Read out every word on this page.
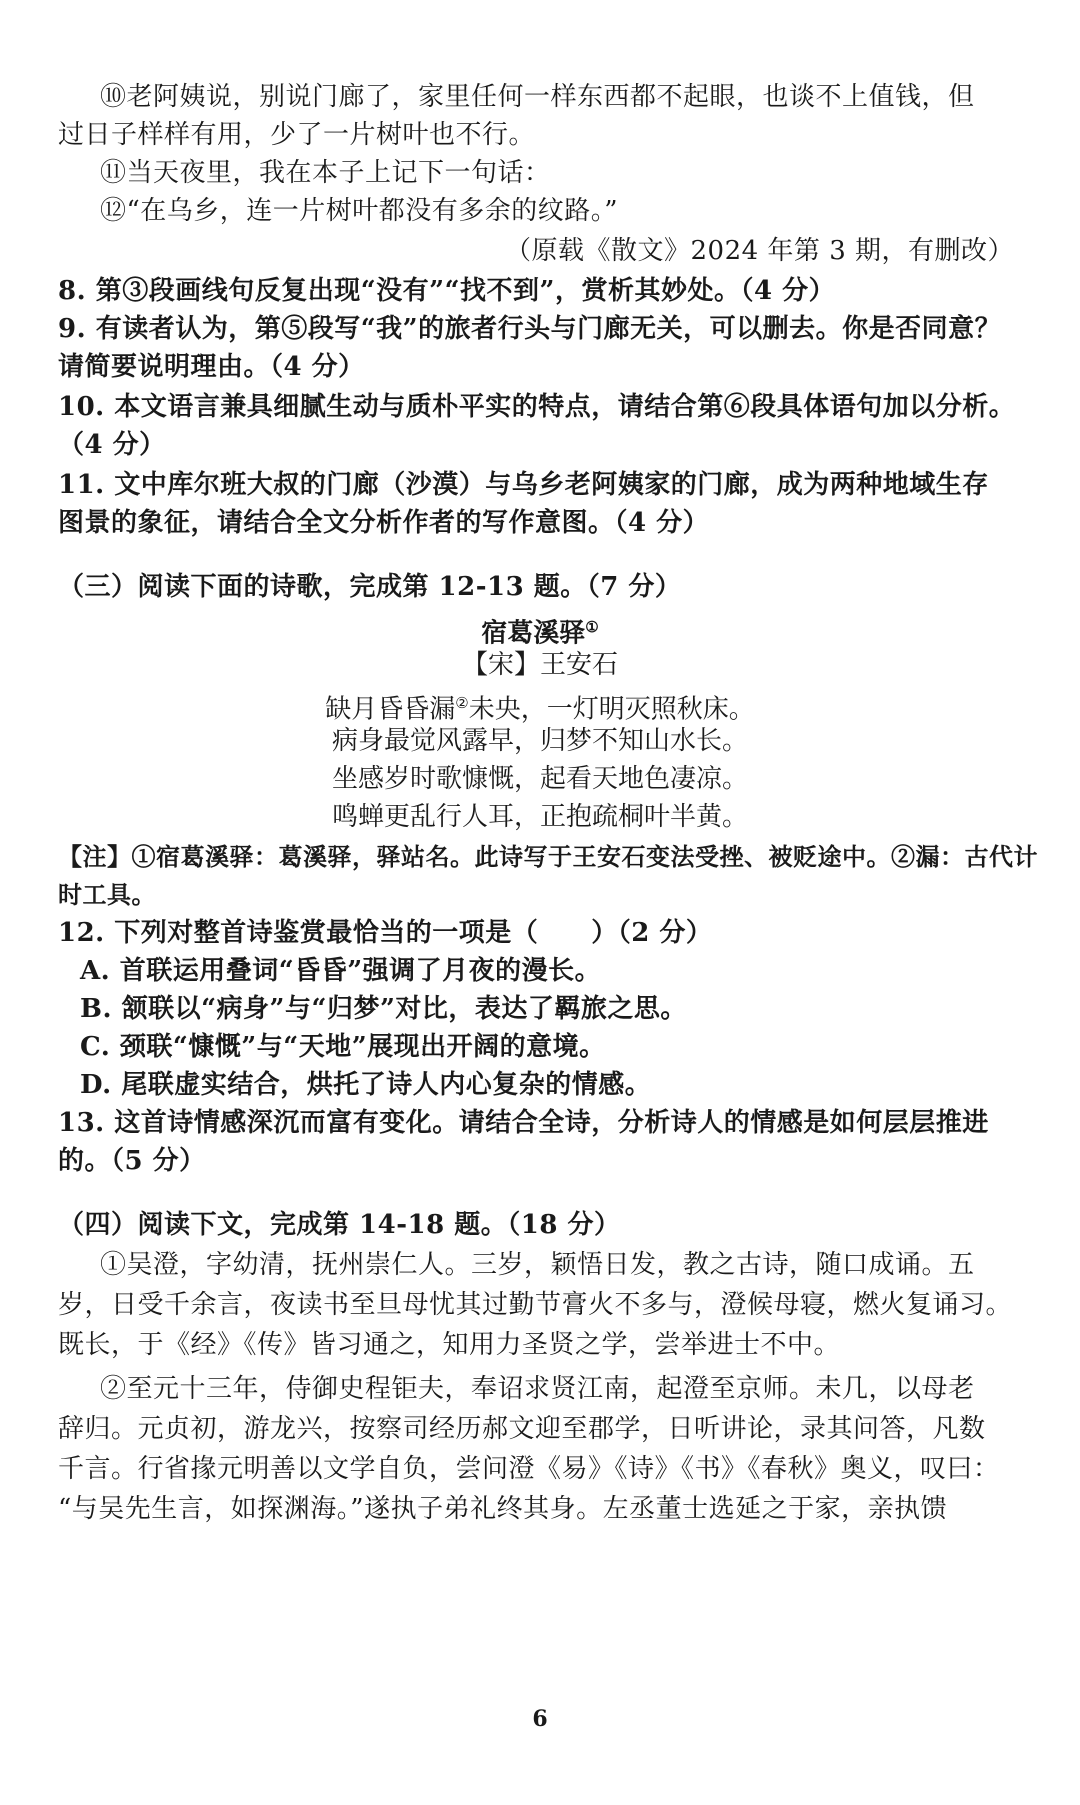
⑩老阿姨说，别说门廊了，家里任何一样东西都不起眼，也谈不上值钱，但
过日子样样有用，少了一片树叶也不行。
⑪当天夜里，我在本子上记下一句话：
⑫“在乌乡，连一片树叶都没有多余的纹路。”
（原载《散文》2024 年第 3 期，有删改）
8. 第③段画线句反复出现“没有”“找不到”，赏析其妙处。（4 分）
9. 有读者认为，第⑤段写“我”的旅者行头与门廊无关，可以删去。你是否同意？
请简要说明理由。（4 分）
10. 本文语言兼具细腻生动与质朴平实的特点，请结合第⑥段具体语句加以分析。
（4 分）
11. 文中库尔班大叔的门廊（沙漠）与乌乡老阿姨家的门廊，成为两种地域生存
图景的象征，请结合全文分析作者的写作意图。（4 分）
（三）阅读下面的诗歌，完成第 12-13 题。（7 分）
宿葛溪驿①
【宋】王安石
缺月昏昏漏②未央，一灯明灭照秋床。
病身最觉风露早，归梦不知山水长。
坐感岁时歌慷慨，起看天地色凄凉。
鸣蝉更乱行人耳，正抱疏桐叶半黄。
【注】①宿葛溪驿：葛溪驿，驿站名。此诗写于王安石变法受挫、被贬途中。②漏：古代计
时工具。
12. 下列对整首诗鉴赏最恰当的一项是（　　）（2 分）
A. 首联运用叠词“昏昏”强调了月夜的漫长。
B. 颔联以“病身”与“归梦”对比，表达了羁旅之思。
C. 颈联“慷慨”与“天地”展现出开阔的意境。
D. 尾联虚实结合，烘托了诗人内心复杂的情感。
13. 这首诗情感深沉而富有变化。请结合全诗，分析诗人的情感是如何层层推进
的。（5 分）
（四）阅读下文，完成第 14-18 题。（18 分）
①吴澄，字幼清，抚州崇仁人。三岁，颖悟日发，教之古诗，随口成诵。五
岁，日受千余言，夜读书至旦母忧其过勤节膏火不多与，澄候母寝，燃火复诵习。
既长，于《经》《传》皆习通之，知用力圣贤之学，尝举进士不中。
②至元十三年，侍御史程钜夫，奉诏求贤江南，起澄至京师。未几，以母老
辞归。元贞初，游龙兴，按察司经历郝文迎至郡学，日听讲论，录其问答，凡数
千言。行省掾元明善以文学自负，尝问澄《易》《诗》《书》《春秋》奥义，叹曰：
“与吴先生言，如探渊海。”遂执子弟礼终其身。左丞董士选延之于家，亲执馈
6
